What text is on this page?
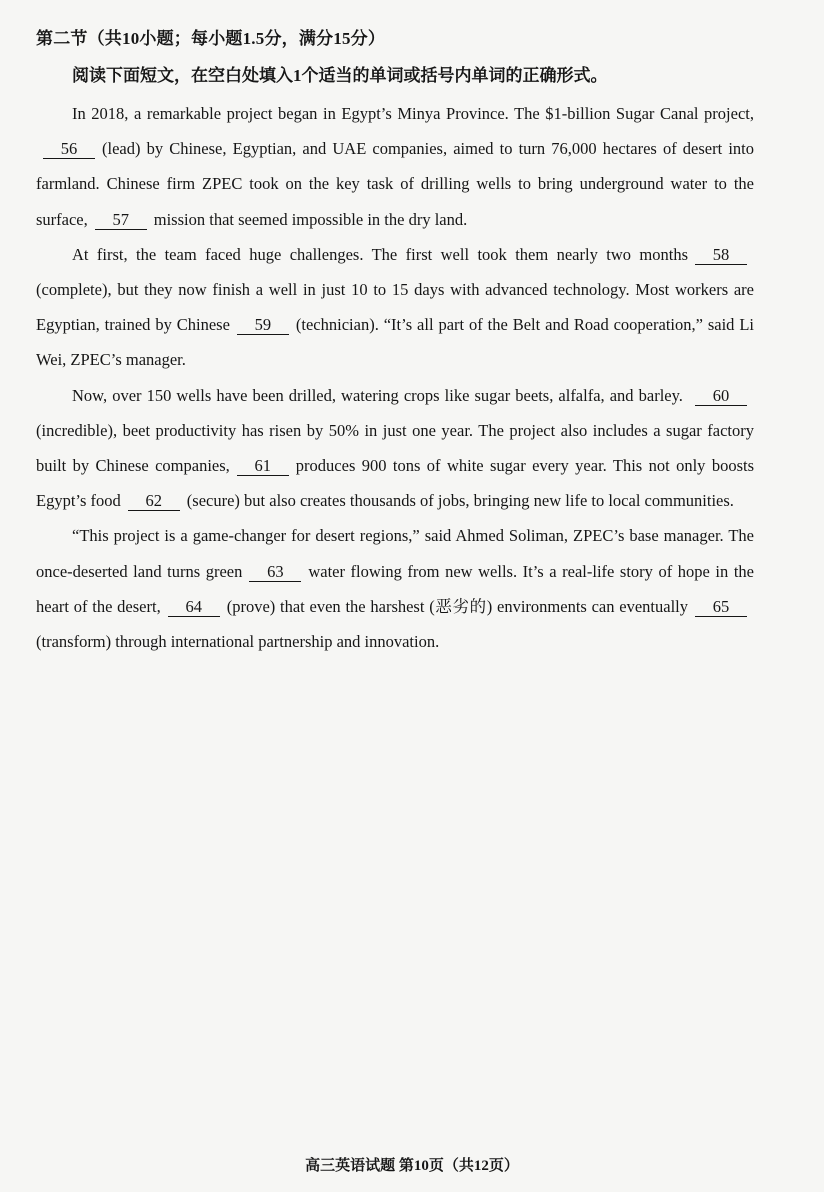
第二节（共10小题；每小题1.5分，满分15分）
阅读下面短文，在空白处填入1个适当的单词或括号内单词的正确形式。

In 2018, a remarkable project began in Egypt’s Minya Province. The $1-billion Sugar Canal project,56 (lead) by Chinese, Egyptian, and UAE companies, aimed to turn 76,000 hectares of desert into farmland. Chinese firm ZPEC took on the key task of drilling wells to bring underground water to the surface, 57 mission that seemed impossible in the dry land.

At first, the team faced huge challenges. The first well took them nearly two months 58(complete), but they now finish a well in just 10 to 15 days with advanced technology. Most workers are Egyptian, trained by Chinese 59 (technician). “It’s all part of the Belt and Road cooperation,” said Li Wei, ZPEC’s manager.

Now, over 150 wells have been drilled, watering crops like sugar beets, alfalfa, and barley. 60(incredible), beet productivity has risen by 50% in just one year. The project also includes a sugar factory built by Chinese companies, 61 produces 900 tons of white sugar every year. This not only boosts Egypt’s food 62 (secure) but also creates thousands of jobs, bringing new life to local communities.

“This project is a game-changer for desert regions,” said Ahmed Soliman, ZPEC’s base manager. The once-deserted land turns green 63 water flowing from new wells. It’s a real-life story of hope in the heart of the desert, 64 (prove) that even the harshest (恶劣的) environments can eventually 65(transform) through international partnership and innovation.

高三英语试题 第10页（共12页）
